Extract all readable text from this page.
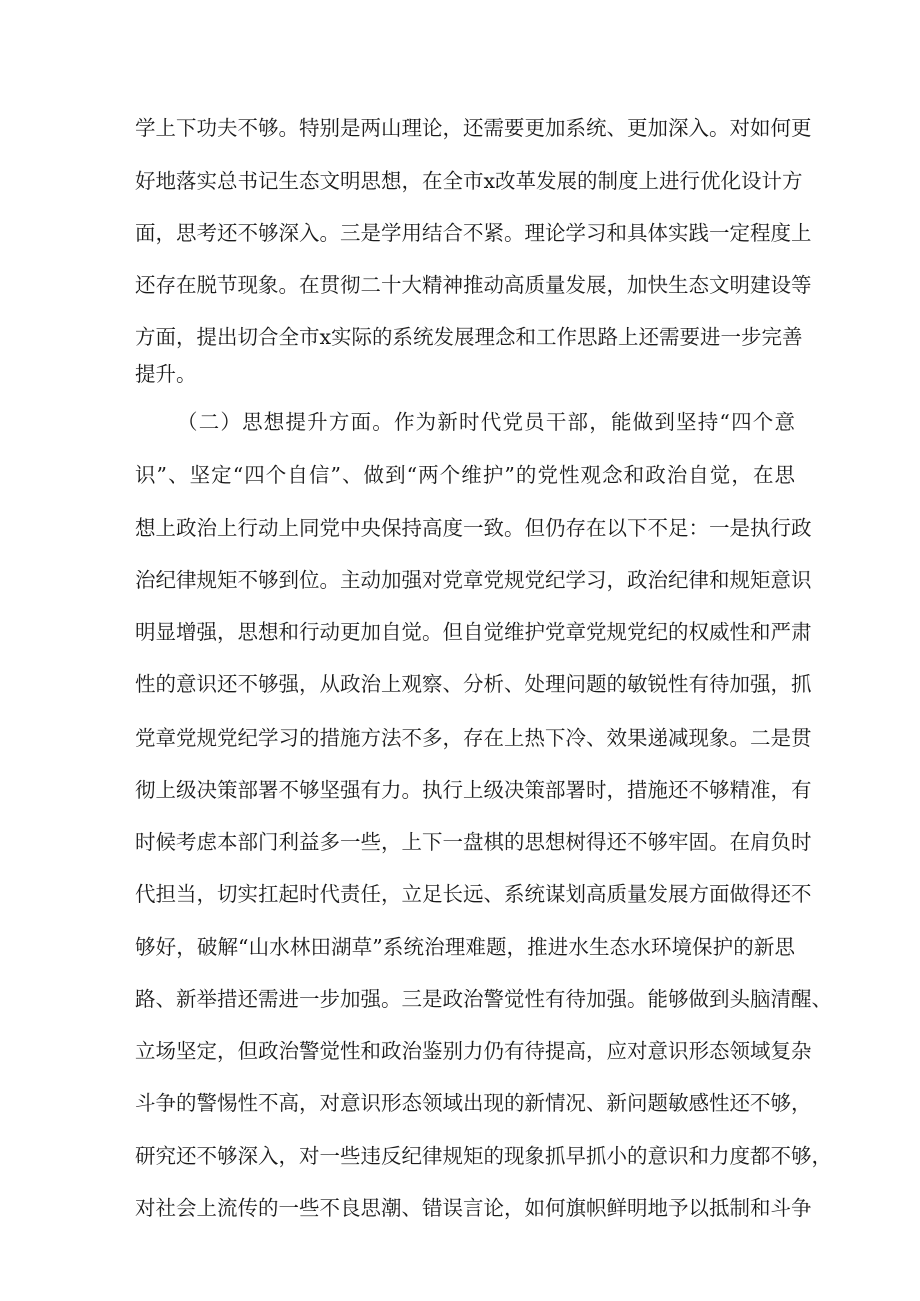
学上下功夫不够。特别是两山理论，还需要更加系统、更加深入。对如何更
好地落实总书记生态文明思想，在全市x改革发展的制度上进行优化设计方
面，思考还不够深入。三是学用结合不紧。理论学习和具体实践一定程度上
还存在脱节现象。在贯彻二十大精神推动高质量发展，加快生态文明建设等
方面，提出切合全市x实际的系统发展理念和工作思路上还需要进一步完善
提升。
（二）思想提升方面。作为新时代党员干部，能做到坚持“四个意
识”、坚定“四个自信”、做到“两个维护”的党性观念和政治自觉，在思
想上政治上行动上同党中央保持高度一致。但仍存在以下不足：一是执行政
治纪律规矩不够到位。主动加强对党章党规党纪学习，政治纪律和规矩意识
明显增强，思想和行动更加自觉。但自觉维护党章党规党纪的权威性和严肃
性的意识还不够强，从政治上观察、分析、处理问题的敏锐性有待加强，抓
党章党规党纪学习的措施方法不多，存在上热下冷、效果递减现象。二是贯
彻上级决策部署不够坚强有力。执行上级决策部署时，措施还不够精准，有
时候考虑本部门利益多一些，上下一盘棋的思想树得还不够牢固。在肩负时
代担当，切实扛起时代责任，立足长远、系统谋划高质量发展方面做得还不
够好，破解“山水林田湖草”系统治理难题，推进水生态水环境保护的新思
路、新举措还需进一步加强。三是政治警觉性有待加强。能够做到头脑清醒、
立场坚定，但政治警觉性和政治鉴别力仍有待提高，应对意识形态领域复杂
斗争的警惕性不高，对意识形态领域出现的新情况、新问题敏感性还不够，
研究还不够深入，对一些违反纪律规矩的现象抓早抓小的意识和力度都不够，
对社会上流传的一些不良思潮、错误言论，如何旗帜鲜明地予以抵制和斗争
